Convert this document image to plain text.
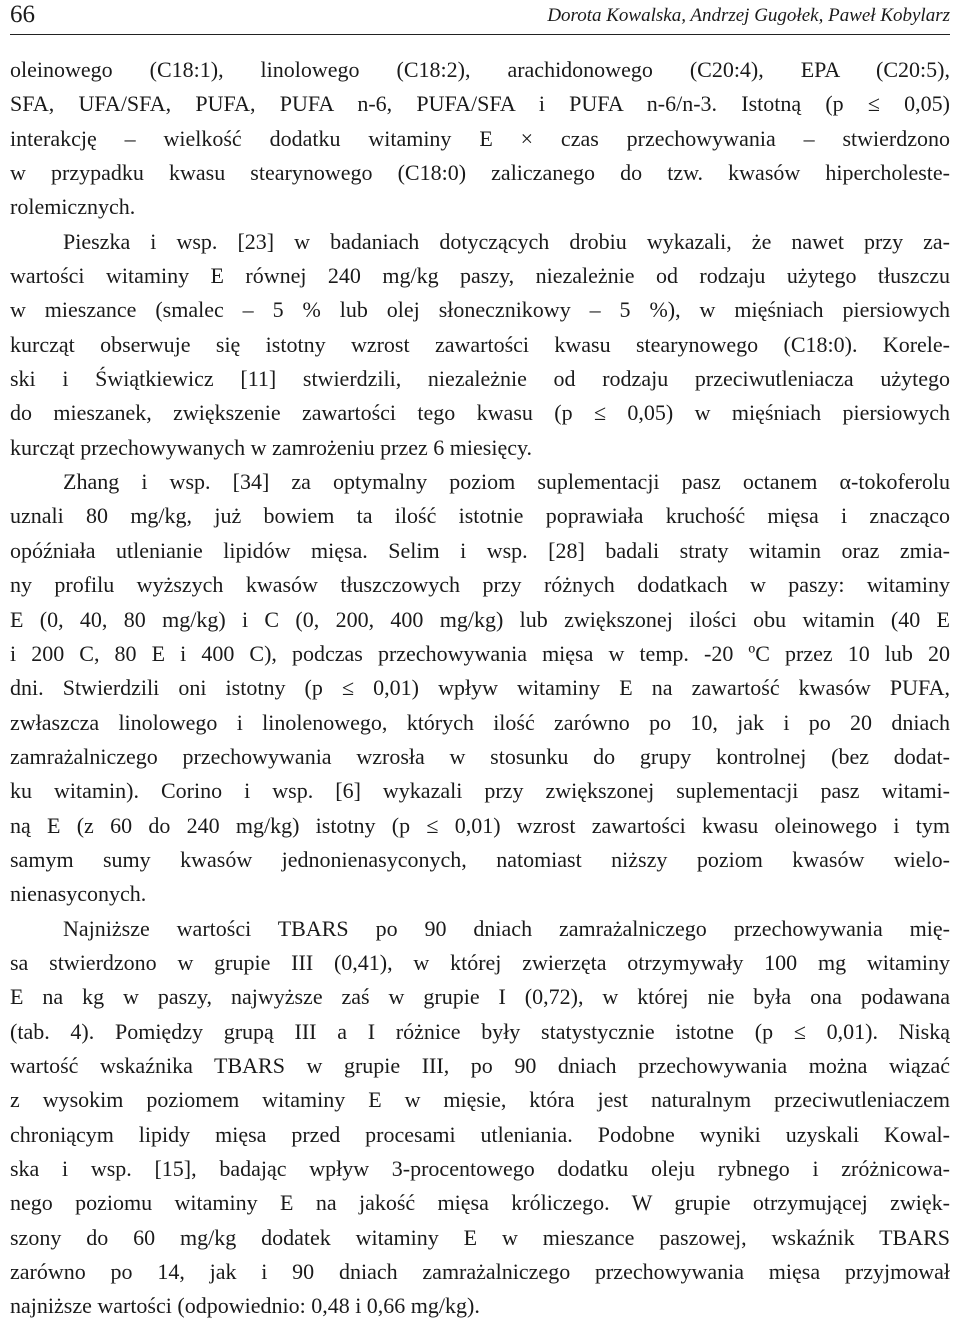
66	Dorota Kowalska, Andrzej Gugołek, Paweł Kobylarz
oleinowego (C18:1), linolowego (C18:2), arachidonowego (C20:4), EPA (C20:5),
SFA, UFA/SFA, PUFA, PUFA n-6, PUFA/SFA i PUFA n-6/n-3. Istotną (p ≤ 0,05)
interakcję – wielkość dodatku witaminy E × czas przechowywania – stwierdzono
w przypadku kwasu stearynowego (C18:0) zaliczanego do tzw. kwasów hipercholeste-
rolemicznych.
Pieszka i wsp. [23] w badaniach dotyczących drobiu wykazali, że nawet przy za-
wartości witaminy E równej 240 mg/kg paszy, niezależnie od rodzaju użytego tłuszczu
w mieszance (smalec – 5 % lub olej słonecznikowy – 5 %), w mięśniach piersiowych
kurcząt obserwuje się istotny wzrost zawartości kwasu stearynowego (C18:0). Korele-
ski i Świątkiewicz [11] stwierdzili, niezależnie od rodzaju przeciwutleniacza użytego
do mieszanek, zwiększenie zawartości tego kwasu (p ≤ 0,05) w mięśniach piersiowych
kurcząt przechowywanych w zamrożeniu przez 6 miesięcy.
Zhang i wsp. [34] za optymalny poziom suplementacji pasz octanem α-tokoferolu
uznali 80 mg/kg, już bowiem ta ilość istotnie poprawiała kruchość mięsa i znacząco
opóźniała utlenianie lipidów mięsa. Selim i wsp. [28] badali straty witamin oraz zmia-
ny profilu wyższych kwasów tłuszczowych przy różnych dodatkach w paszy: witaminy
E (0, 40, 80 mg/kg) i C (0, 200, 400 mg/kg) lub zwiększonej ilości obu witamin (40 E
i 200 C, 80 E i 400 C), podczas przechowywania mięsa w temp. -20 ºC przez 10 lub 20
dni. Stwierdzili oni istotny (p ≤ 0,01) wpływ witaminy E na zawartość kwasów PUFA,
zwłaszcza linolowego i linolenowego, których ilość zarówno po 10, jak i po 20 dniach
zamrażalniczego przechowywania wzrosła w stosunku do grupy kontrolnej (bez dodat-
ku witamin). Corino i wsp. [6] wykazali przy zwiększonej suplementacji pasz witami-
ną E (z 60 do 240 mg/kg) istotny (p ≤ 0,01) wzrost zawartości kwasu oleinowego i tym
samym sumy kwasów jednonienasyconych, natomiast niższy poziom kwasów wielo-
nienasyconych.
Najniższe wartości TBARS po 90 dniach zamrażalniczego przechowywania mię-
sa stwierdzono w grupie III (0,41), w której zwierzęta otrzymywały 100 mg witaminy
E na kg w paszy, najwyższe zaś w grupie I (0,72), w której nie była ona podawana
(tab. 4). Pomiędzy grupą III a I różnice były statystycznie istotne (p ≤ 0,01). Niską
wartość wskaźnika TBARS w grupie III, po 90 dniach przechowywania można wiązać
z wysokim poziomem witaminy E w mięsie, która jest naturalnym przeciwutleniaczem
chroniącym lipidy mięsa przed procesami utleniania. Podobne wyniki uzyskali Kowal-
ska i wsp. [15], badając wpływ 3-procentowego dodatku oleju rybnego i zróżnicowa-
nego poziomu witaminy E na jakość mięsa króliczego. W grupie otrzymującej zwięk-
szony do 60 mg/kg dodatek witaminy E w mieszance paszowej, wskaźnik TBARS
zarówno po 14, jak i 90 dniach zamrażalniczego przechowywania mięsa przyjmował
najniższe wartości (odpowiednio: 0,48 i 0,66 mg/kg).
